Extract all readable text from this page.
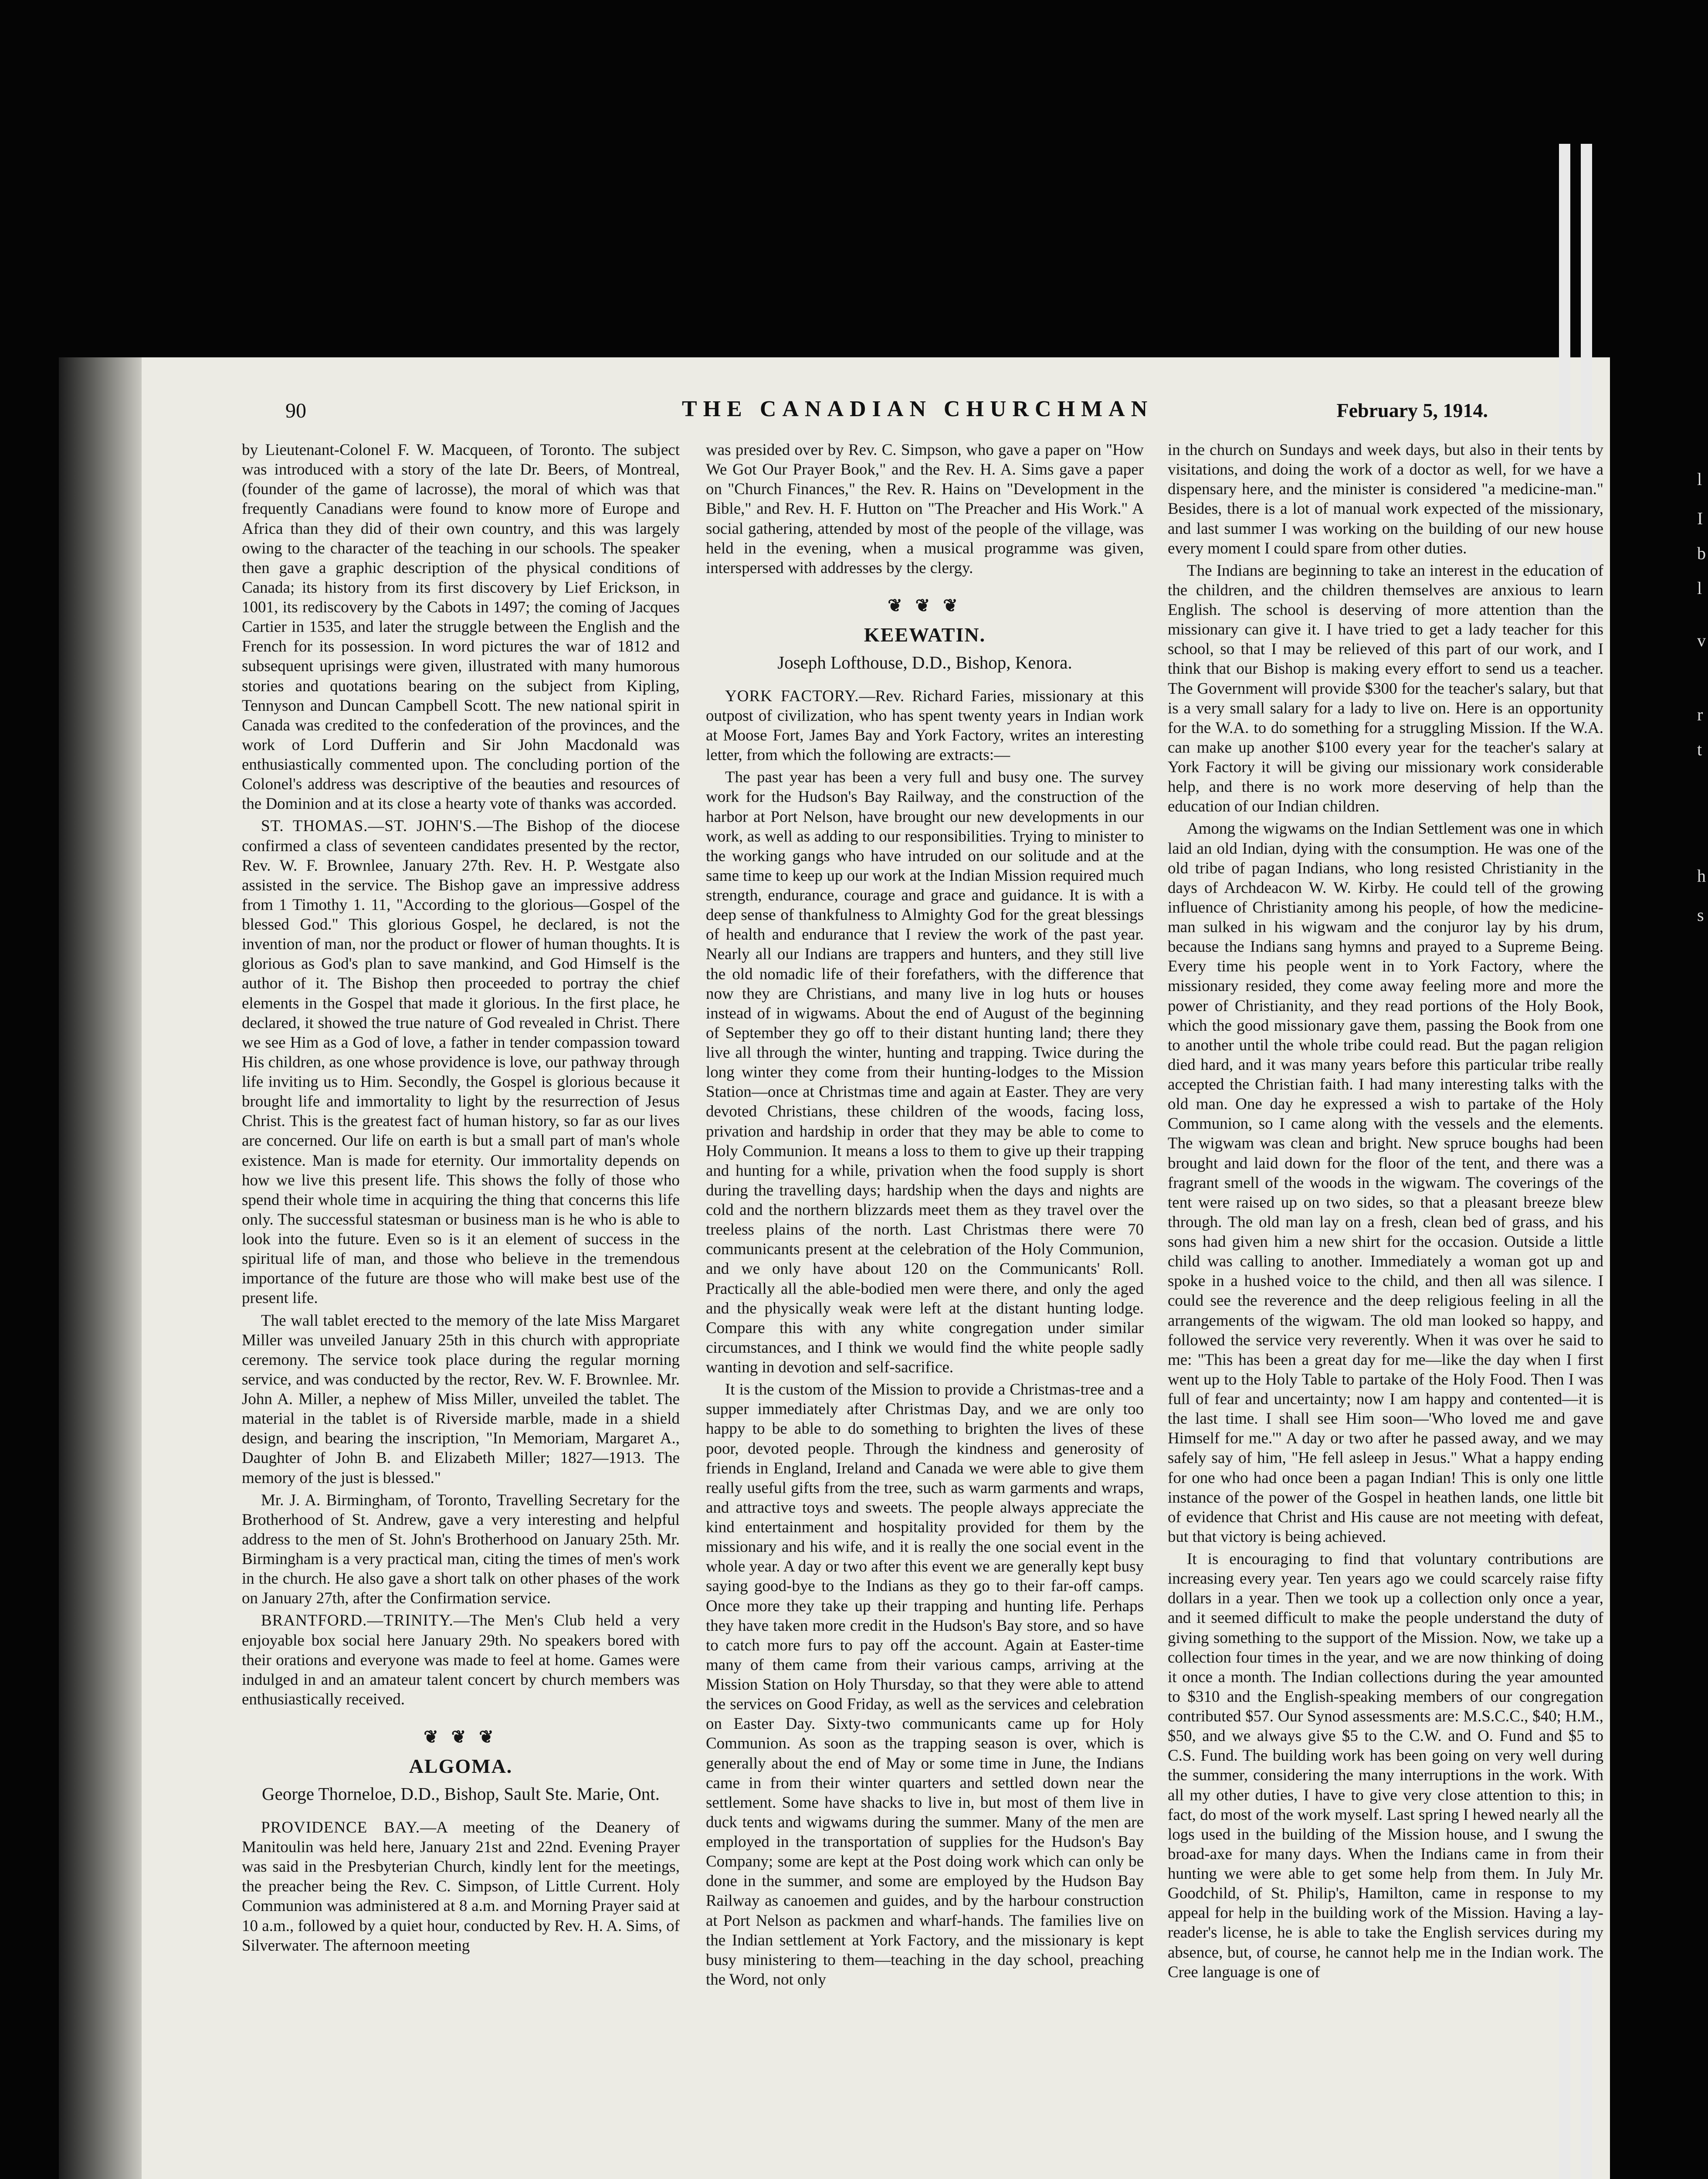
l
I
b
l
v
r
t
h
s
90	THE CANADIAN CHURCHMAN	February 5, 1914.

by Lieutenant-Colonel F. W. Macqueen, of Toronto. The subject was introduced with a story of the late Dr. Beers, of Montreal, (founder of the game of lacrosse), the moral of which was that frequently Canadians were found to know more of Europe and Africa than they did of their own country, and this was largely owing to the character of the teaching in our schools. The speaker then gave a graphic description of the physical conditions of Canada; its history from its first discovery by Lief Erickson, in 1001, its rediscovery by the Cabots in 1497; the coming of Jacques Cartier in 1535, and later the struggle between the English and the French for its possession. In word pictures the war of 1812 and subsequent uprisings were given, illustrated with many humorous stories and quotations bearing on the subject from Kipling, Tennyson and Duncan Campbell Scott. The new national spirit in Canada was credited to the confederation of the provinces, and the work of Lord Dufferin and Sir John Macdonald was enthusiastically commented upon. The concluding portion of the Colonel's address was descriptive of the beauties and resources of the Dominion and at its close a hearty vote of thanks was accorded.

ST. THOMAS.—ST. JOHN'S.—The Bishop of the diocese confirmed a class of seventeen candidates presented by the rector, Rev. W. F. Brownlee, January 27th. Rev. H. P. Westgate also assisted in the service. The Bishop gave an impressive address from 1 Timothy 1. 11, "According to the glorious—Gospel of the blessed God." This glorious Gospel, he declared, is not the invention of man, nor the product or flower of human thoughts. It is glorious as God's plan to save mankind, and God Himself is the author of it. The Bishop then proceeded to portray the chief elements in the Gospel that made it glorious. In the first place, he declared, it showed the true nature of God revealed in Christ. There we see Him as a God of love, a father in tender compassion toward His children, as one whose providence is love, our pathway through life inviting us to Him. Secondly, the Gospel is glorious because it brought life and immortality to light by the resurrection of Jesus Christ. This is the greatest fact of human history, so far as our lives are concerned. Our life on earth is but a small part of man's whole existence. Man is made for eternity. Our immortality depends on how we live this present life. This shows the folly of those who spend their whole time in acquiring the thing that concerns this life only. The successful statesman or business man is he who is able to look into the future. Even so is it an element of success in the spiritual life of man, and those who believe in the tremendous importance of the future are those who will make best use of the present life.

The wall tablet erected to the memory of the late Miss Margaret Miller was unveiled January 25th in this church with appropriate ceremony. The service took place during the regular morning service, and was conducted by the rector, Rev. W. F. Brownlee. Mr. John A. Miller, a nephew of Miss Miller, unveiled the tablet. The material in the tablet is of Riverside marble, made in a shield design, and bearing the inscription, "In Memoriam, Margaret A., Daughter of John B. and Elizabeth Miller; 1827—1913. The memory of the just is blessed."

Mr. J. A. Birmingham, of Toronto, Travelling Secretary for the Brotherhood of St. Andrew, gave a very interesting and helpful address to the men of St. John's Brotherhood on January 25th. Mr. Birmingham is a very practical man, citing the times of men's work in the church. He also gave a short talk on other phases of the work on January 27th, after the Confirmation service.

BRANTFORD.—TRINITY.—The Men's Club held a very enjoyable box social here January 29th. No speakers bored with their orations and everyone was made to feel at home. Games were indulged in and an amateur talent concert by church members was enthusiastically received.

❦ ❦ ❦
ALGOMA.
George Thorneloe, D.D., Bishop, Sault Ste. Marie, Ont.

PROVIDENCE BAY.—A meeting of the Deanery of Manitoulin was held here, January 21st and 22nd. Evening Prayer was said in the Presbyterian Church, kindly lent for the meetings, the preacher being the Rev. C. Simpson, of Little Current. Holy Communion was administered at 8 a.m. and Morning Prayer said at 10 a.m., followed by a quiet hour, conducted by Rev. H. A. Sims, of Silverwater. The afternoon meeting

was presided over by Rev. C. Simpson, who gave a paper on "How We Got Our Prayer Book," and the Rev. H. A. Sims gave a paper on "Church Finances," the Rev. R. Hains on "Development in the Bible," and Rev. H. F. Hutton on "The Preacher and His Work." A social gathering, attended by most of the people of the village, was held in the evening, when a musical programme was given, interspersed with addresses by the clergy.

❦ ❦ ❦
KEEWATIN.
Joseph Lofthouse, D.D., Bishop, Kenora.

YORK FACTORY.—Rev. Richard Faries, missionary at this outpost of civilization, who has spent twenty years in Indian work at Moose Fort, James Bay and York Factory, writes an interesting letter, from which the following are extracts:—

The past year has been a very full and busy one. The survey work for the Hudson's Bay Railway, and the construction of the harbor at Port Nelson, have brought our new developments in our work, as well as adding to our responsibilities. Trying to minister to the working gangs who have intruded on our solitude and at the same time to keep up our work at the Indian Mission required much strength, endurance, courage and grace and guidance. It is with a deep sense of thankfulness to Almighty God for the great blessings of health and endurance that I review the work of the past year. Nearly all our Indians are trappers and hunters, and they still live the old nomadic life of their forefathers, with the difference that now they are Christians, and many live in log huts or houses instead of in wigwams. About the end of August of the beginning of September they go off to their distant hunting land; there they live all through the winter, hunting and trapping. Twice during the long winter they come from their hunting-lodges to the Mission Station—once at Christmas time and again at Easter. They are very devoted Christians, these children of the woods, facing loss, privation and hardship in order that they may be able to come to Holy Communion. It means a loss to them to give up their trapping and hunting for a while, privation when the food supply is short during the travelling days; hardship when the days and nights are cold and the northern blizzards meet them as they travel over the treeless plains of the north. Last Christmas there were 70 communicants present at the celebration of the Holy Communion, and we only have about 120 on the Communicants' Roll. Practically all the able-bodied men were there, and only the aged and the physically weak were left at the distant hunting lodge. Compare this with any white congregation under similar circumstances, and I think we would find the white people sadly wanting in devotion and self-sacrifice.

It is the custom of the Mission to provide a Christmas-tree and a supper immediately after Christmas Day, and we are only too happy to be able to do something to brighten the lives of these poor, devoted people. Through the kindness and generosity of friends in England, Ireland and Canada we were able to give them really useful gifts from the tree, such as warm garments and wraps, and attractive toys and sweets. The people always appreciate the kind entertainment and hospitality provided for them by the missionary and his wife, and it is really the one social event in the whole year. A day or two after this event we are generally kept busy saying good-bye to the Indians as they go to their far-off camps. Once more they take up their trapping and hunting life. Perhaps they have taken more credit in the Hudson's Bay store, and so have to catch more furs to pay off the account. Again at Easter-time many of them came from their various camps, arriving at the Mission Station on Holy Thursday, so that they were able to attend the services on Good Friday, as well as the services and celebration on Easter Day. Sixty-two communicants came up for Holy Communion. As soon as the trapping season is over, which is generally about the end of May or some time in June, the Indians came in from their winter quarters and settled down near the settlement. Some have shacks to live in, but most of them live in duck tents and wigwams during the summer. Many of the men are employed in the transportation of supplies for the Hudson's Bay Company; some are kept at the Post doing work which can only be done in the summer, and some are employed by the Hudson Bay Railway as canoemen and guides, and by the harbour construction at Port Nelson as packmen and wharf-hands. The families live on the Indian settlement at York Factory, and the missionary is kept busy ministering to them—teaching in the day school, preaching the Word, not only

in the church on Sundays and week days, but also in their tents by visitations, and doing the work of a doctor as well, for we have a dispensary here, and the minister is considered "a medicine-man." Besides, there is a lot of manual work expected of the missionary, and last summer I was working on the building of our new house every moment I could spare from other duties.

The Indians are beginning to take an interest in the education of the children, and the children themselves are anxious to learn English. The school is deserving of more attention than the missionary can give it. I have tried to get a lady teacher for this school, so that I may be relieved of this part of our work, and I think that our Bishop is making every effort to send us a teacher. The Government will provide $300 for the teacher's salary, but that is a very small salary for a lady to live on. Here is an opportunity for the W.A. to do something for a struggling Mission. If the W.A. can make up another $100 every year for the teacher's salary at York Factory it will be giving our missionary work considerable help, and there is no work more deserving of help than the education of our Indian children.

Among the wigwams on the Indian Settlement was one in which laid an old Indian, dying with the consumption. He was one of the old tribe of pagan Indians, who long resisted Christianity in the days of Archdeacon W. W. Kirby. He could tell of the growing influence of Christianity among his people, of how the medicine-man sulked in his wigwam and the conjuror lay by his drum, because the Indians sang hymns and prayed to a Supreme Being. Every time his people went in to York Factory, where the missionary resided, they come away feeling more and more the power of Christianity, and they read portions of the Holy Book, which the good missionary gave them, passing the Book from one to another until the whole tribe could read. But the pagan religion died hard, and it was many years before this particular tribe really accepted the Christian faith. I had many interesting talks with the old man. One day he expressed a wish to partake of the Holy Communion, so I came along with the vessels and the elements. The wigwam was clean and bright. New spruce boughs had been brought and laid down for the floor of the tent, and there was a fragrant smell of the woods in the wigwam. The coverings of the tent were raised up on two sides, so that a pleasant breeze blew through. The old man lay on a fresh, clean bed of grass, and his sons had given him a new shirt for the occasion. Outside a little child was calling to another. Immediately a woman got up and spoke in a hushed voice to the child, and then all was silence. I could see the reverence and the deep religious feeling in all the arrangements of the wigwam. The old man looked so happy, and followed the service very reverently. When it was over he said to me: "This has been a great day for me—like the day when I first went up to the Holy Table to partake of the Holy Food. Then I was full of fear and uncertainty; now I am happy and contented—it is the last time. I shall see Him soon—'Who loved me and gave Himself for me.'" A day or two after he passed away, and we may safely say of him, "He fell asleep in Jesus." What a happy ending for one who had once been a pagan Indian! This is only one little instance of the power of the Gospel in heathen lands, one little bit of evidence that Christ and His cause are not meeting with defeat, but that victory is being achieved.

It is encouraging to find that voluntary contributions are increasing every year. Ten years ago we could scarcely raise fifty dollars in a year. Then we took up a collection only once a year, and it seemed difficult to make the people understand the duty of giving something to the support of the Mission. Now, we take up a collection four times in the year, and we are now thinking of doing it once a month. The Indian collections during the year amounted to $310 and the English-speaking members of our congregation contributed $57. Our Synod assessments are: M.S.C.C., $40; H.M., $50, and we always give $5 to the C.W. and O. Fund and $5 to C.S. Fund. The building work has been going on very well during the summer, considering the many interruptions in the work. With all my other duties, I have to give very close attention to this; in fact, do most of the work myself. Last spring I hewed nearly all the logs used in the building of the Mission house, and I swung the broad-axe for many days. When the Indians came in from their hunting we were able to get some help from them. In July Mr. Goodchild, of St. Philip's, Hamilton, came in response to my appeal for help in the building work of the Mission. Having a lay-reader's license, he is able to take the English services during my absence, but, of course, he cannot help me in the Indian work. The Cree language is one of
